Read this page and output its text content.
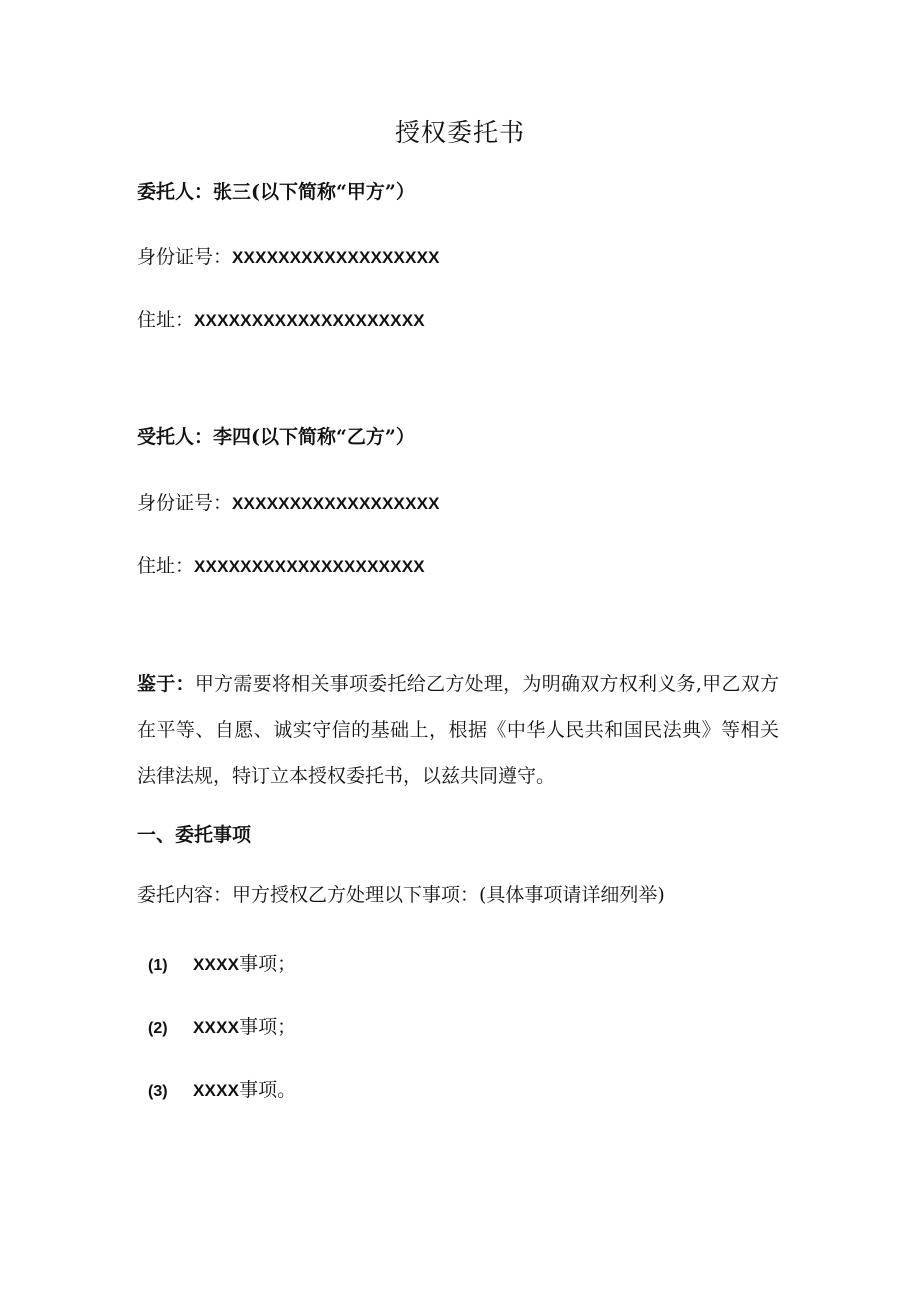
授权委托书
委托人：张三(以下简称“甲方”）
身份证号：XXXXXXXXXXXXXXXXXX
住址：XXXXXXXXXXXXXXXXXXXX
受托人：李四(以下简称“乙方”）
身份证号：XXXXXXXXXXXXXXXXXX
住址：XXXXXXXXXXXXXXXXXXXX
鉴于：甲方需要将相关事项委托给乙方处理，为明确双方权利义务,甲乙双方在平等、自愿、诚实守信的基础上，根据《中华人民共和国民法典》等相关法律法规，特订立本授权委托书，以兹共同遵守。
一、委托事项
委托内容：甲方授权乙方处理以下事项：(具体事项请详细列举)
(1) XXXX事项；
(2) XXXX事项；
(3) XXXX事项。
